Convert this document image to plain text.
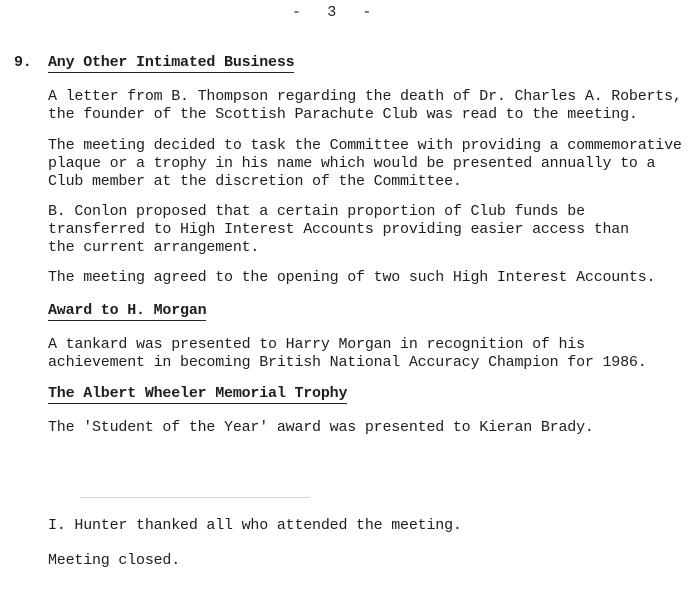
-   3   -
9. Any Other Intimated Business
A letter from B. Thompson regarding the death of Dr. Charles A. Roberts,
the founder of the Scottish Parachute Club was read to the meeting.
The meeting decided to task the Committee with providing a commemorative
plaque or a trophy in his name which would be presented annually to a
Club member at the discretion of the Committee.
B. Conlon proposed that a certain proportion of Club funds be
transferred to High Interest Accounts providing easier access than
the current arrangement.
The meeting agreed to the opening of two such High Interest Accounts.
Award to H. Morgan
A tankard was presented to Harry Morgan in recognition of his
achievement in becoming British National Accuracy Champion for 1986.
The Albert Wheeler Memorial Trophy
The 'Student of the Year' award was presented to Kieran Brady.
I. Hunter thanked all who attended the meeting.
Meeting closed.
